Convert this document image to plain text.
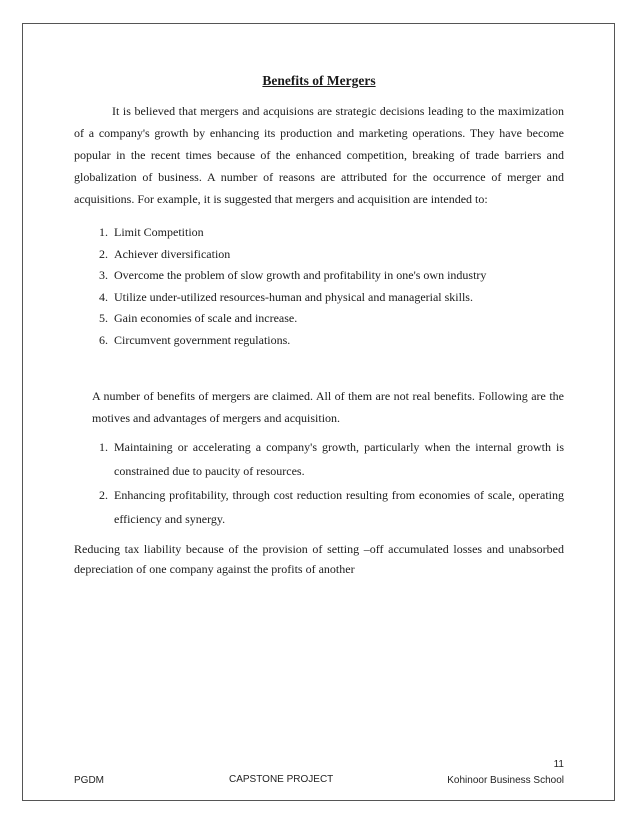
Benefits of Mergers

It is believed that mergers and acquisions are strategic decisions leading to the maximization of a company's growth by enhancing its production and marketing operations. They have become popular in the recent times because of the enhanced competition, breaking of trade barriers and globalization of business. A number of reasons are attributed for the occurrence of merger and acquisitions. For example, it is suggested that mergers and acquisition are intended to:

1. Limit Competition
2. Achiever diversification
3. Overcome the problem of slow growth and profitability in one's own industry
4. Utilize under-utilized resources-human and physical and managerial skills.
5. Gain economies of scale and increase.
6. Circumvent government regulations.

A number of benefits of mergers are claimed. All of them are not real benefits. Following are the motives and advantages of mergers and acquisition.

1. Maintaining or accelerating a company's growth, particularly when the internal growth is constrained due to paucity of resources.
2. Enhancing profitability, through cost reduction resulting from economies of scale, operating efficiency and synergy.

Reducing tax liability because of the provision of setting –off accumulated losses and unabsorbed depreciation of one company against the profits of another

11
PGDM	Kohinoor Business School
CAPSTONE PROJECT
